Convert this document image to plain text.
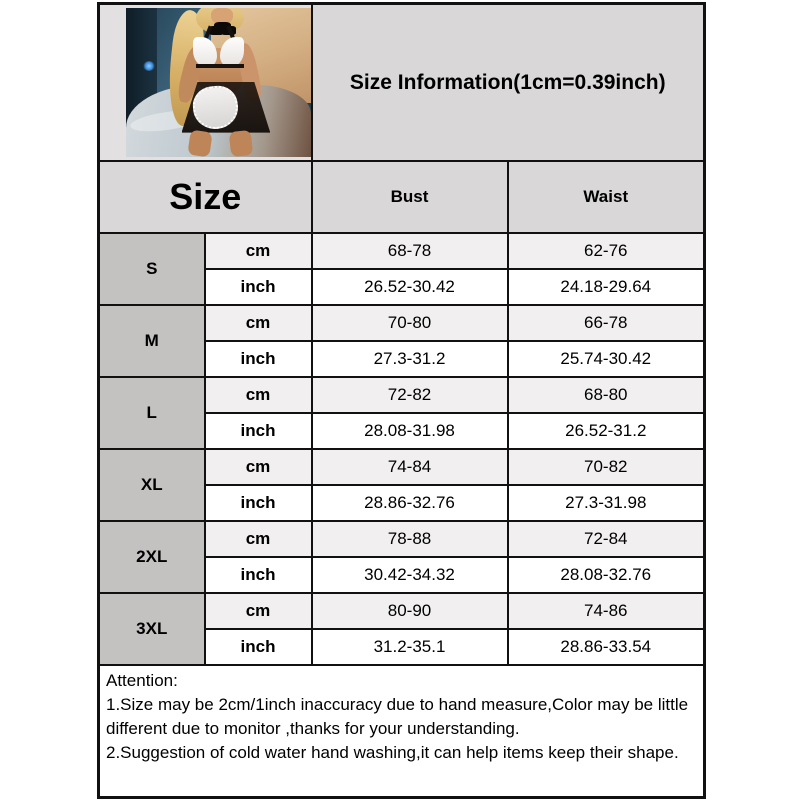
		Size Information(1cm=0.39inch)	
Size		Bust	Waist
S	cm	68-78	62-76
	inch	26.52-30.42	24.18-29.64
M	cm	70-80	66-78
	inch	27.3-31.2	25.74-30.42
L	cm	72-82	68-80
	inch	28.08-31.98	26.52-31.2
XL	cm	74-84	70-82
	inch	28.86-32.76	27.3-31.98
2XL	cm	78-88	72-84
	inch	30.42-34.32	28.08-32.76
3XL	cm	80-90	74-86
	inch	31.2-35.1	28.86-33.54

Attention:

1.Size may be 2cm/1inch inaccuracy due to hand measure,Color may be little different due to monitor ,thanks for your understanding.

2.Suggestion of cold water hand washing,it can help items keep their shape.			
